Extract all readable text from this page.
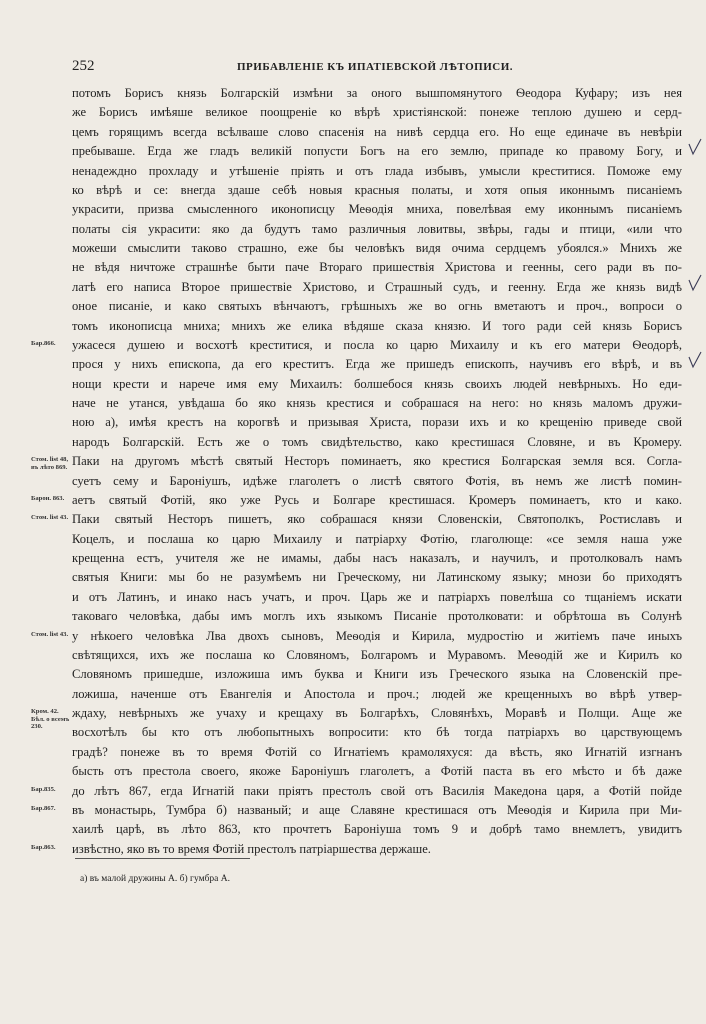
252	ПРИБАВЛЕНІЕ КЪ ИПАТІЕВСКОЙ ЛѢТОПИСИ.
потомъ Борисъ князь Болгарскій измѣни за оного вышпомянутого Ѳеодора Куфару; изъ нея
же Борисъ имѣяше великое поощреніе ко вѣрѣ христіянской: понеже теплою душею и серд-
цемъ горящимъ всегда всѣлваше слово спасенія на нивѣ сердца его. Но еще единаче въ невѣріи
пребываше. Егда же гладъ великій попусти Богъ на его землю, припаде ко правому Богу, и
ненадеждно прохладу и утѣшеніе пріять и отъ глада избывъ, умысли креститися. Поможе ему
ко вѣрѣ и се: внегда здаше себѣ новыя красныя полаты, и хотя опыя иконнымъ писаніемъ
украсити, призва смысленного иконописцу Меѳодія мниха, повелѣвая ему иконнымъ писаніемъ
полаты сія украсити: яко да будутъ тамо различныя ловитвы, звѣры, гады и птици, «или что
можеши смыслити таково страшно, еже бы человѣкъ видя очима сердцемъ убоялся.» Мнихъ же
не вѣдя ничтоже страшнѣе быти паче Втораго пришествія Христова и геенны, сего ради въ по-
латѣ его написа Второе пришествіе Христово, и Страшный судъ, и геенну. Егда же князь видѣ
оное писаніе, и како святыхъ вѣнчаютъ, грѣшныхъ же во огнь вметаютъ и проч., вопроси о
томъ иконописца мниха; мнихъ же елика вѣдяше сказа князю. И того ради сей князь Борисъ
ужасеся душею и восхотѣ креститися, и посла ко царю Михаилу и къ его матери Ѳеодорѣ,
прося у нихъ епископа, да его креститъ. Егда же пришедъ епископъ, научивъ его вѣрѣ, и въ
нощи крести и нарече имя ему Михаилъ: болшебося князь своихъ людей невѣрныхъ. Но еди-
наче не утанся, увѣдаша бо яко князь крестися и собрашася на него: но князь маломъ дружи-
ною а), имѣя крестъ на корогвѣ и призывая Христа, порази ихъ и ко крещенію приведе свой
народъ Болгарскій. Естъ же о томъ свидѣтельство, како крестишася Словяне, и въ Кромеру.
Паки на другомъ мѣстѣ святый Несторъ поминаетъ, яко крестися Болгарская земля вся. Согла-
суетъ сему и Бароніушъ, идѣже глаголетъ о листѣ святого Фотія, въ немъ же листѣ помин-
аетъ святый Фотій, яко уже Русь и Болгаре крестишася. Кромеръ поминаетъ, кто и како.
Паки святый Несторъ пишетъ, яко собрашася князи Словенскіи, Святополкъ, Ростиславъ и
Коцелъ, и послаша ко царю Михаилу и патріарху Фотію, глаголюще: «се земля наша уже
крещенна естъ, учителя же не имамы, дабы насъ наказалъ, и научилъ, и протолковалъ намъ
святыя Книги: мы бо не разумѣемъ ни Греческому, ни Латинскому языку; мнози бо приходятъ
и отъ Латинъ, и инако насъ учатъ, и проч. Царь же и патріархъ повелѣша со тщаніемъ искати
таковаго человѣка, дабы имъ моглъ ихъ языкомъ Писаніе протолковати: и обрѣтоша въ Солунѣ
у нѣкоего человѣка Лва двохъ сыновъ, Меѳодія и Кирила, мудростію и житіемъ паче иныхъ
свѣтящихся, ихъ же послаша ко Словяномъ, Болгаромъ и Муравомъ. Меѳодій же и Кирилъ ко
Словяномъ пришедше, изложиша имъ буква и Книги изъ Греческого языка на Словенскій пре-
ложиша, наченше отъ Евангелія и Апостола и проч.; людей же крещенныхъ во вѣрѣ утвер-
ждаху, невѣрныхъ же учаху и крещаху въ Болгарѣхъ, Словянѣхъ, Моравѣ и Полщи. Аще же
восхотѣлъ бы кто отъ любопытныхъ вопросити: кто бѣ тогда патріархъ во царствующемъ
градѣ? понеже въ то время Фотій со Игнатіемъ крамоляхуся: да вѣсть, яко Игнатій изгнанъ
бысть отъ престола своего, якоже Бароніушъ глаголетъ, а Фотій паста въ его мѣсто и бѣ даже
до лѣтъ 867, егда Игнатій паки пріятъ престолъ свой отъ Василія Македона царя, а Фотій пойде
въ монастырь, Тумбра б) названый; и аще Славяне крестишася отъ Меѳодія и Кирила при Ми-
хаилѣ царѣ, въ лѣто 863, кто прочтетъ Бароніуша томъ 9 и добрѣ тамо внемлетъ, увидитъ
извѣстно, яко въ то время Фотій престолъ патріаршества держаше.
Бар.866.
Стом. list 48, въ лѣто 869.
Барон. 863.
Стом. list 43.
Стом. list 43.
Кром. 42. Бѣл. о всемъ 230.
Бар.835.
Бар.867.
Бар.863.
а) въ малой дружины А. б) гумбра А.
